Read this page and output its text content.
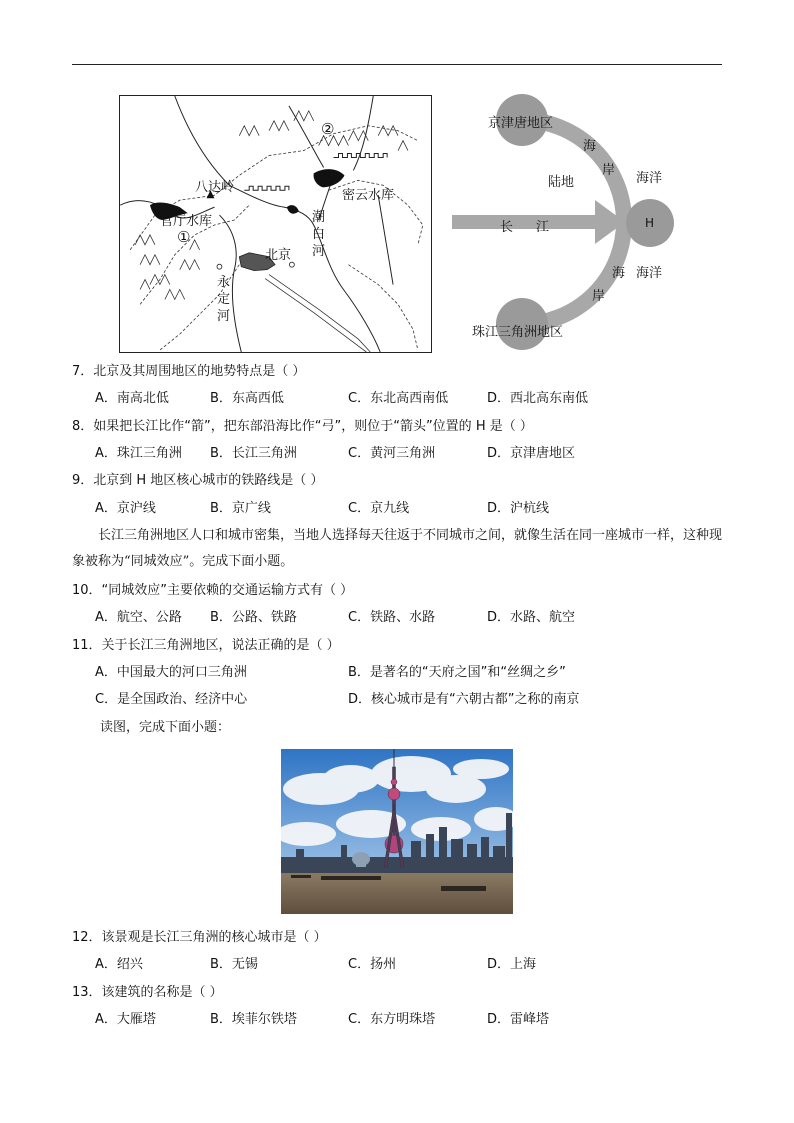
八达岭
官厅水库
密云水库
潮
白
河
北京
永
定
河
①
②	京津唐地区
珠江三角洲地区
H
陆地
长 江
海
岸
海
岸
海洋
海洋
7．北京及其周围地区的地势特点是（ ）
A．南高北低	B．东高西低	C．东北高西南低	D．西北高东南低
8．如果把长江比作“箭”，把东部沿海比作“弓”，则位于“箭头”位置的 H 是（ ）
A．珠江三角洲 B．长江三角洲	C．黄河三角洲	D．京津唐地区
9．北京到 H 地区核心城市的铁路线是（ ）
A．京沪线	B．京广线	C．京九线	D．沪杭线
长江三角洲地区人口和城市密集，当地人选择每天往返于不同城市之间，就像生活在同一座城市一样，这种现象被称为“同城效应”。完成下面小题。
10．“同城效应”主要依赖的交通运输方式有（ ）
A．航空、公路 B．公路、铁路	C．铁路、水路	D．水路、航空
11．关于长江三角洲地区，说法正确的是（ ）
A．中国最大的河口三角洲	B．是著名的“天府之国”和“丝绸之乡”
C．是全国政治、经济中心	D．核心城市是有“六朝古都”之称的南京
读图，完成下面小题：
12．该景观是长江三角洲的核心城市是（ ）
A．绍兴	B．无锡	C．扬州	D．上海
13．该建筑的名称是（ ）
A．大雁塔	B．埃菲尔铁塔	C．东方明珠塔	D．雷峰塔
